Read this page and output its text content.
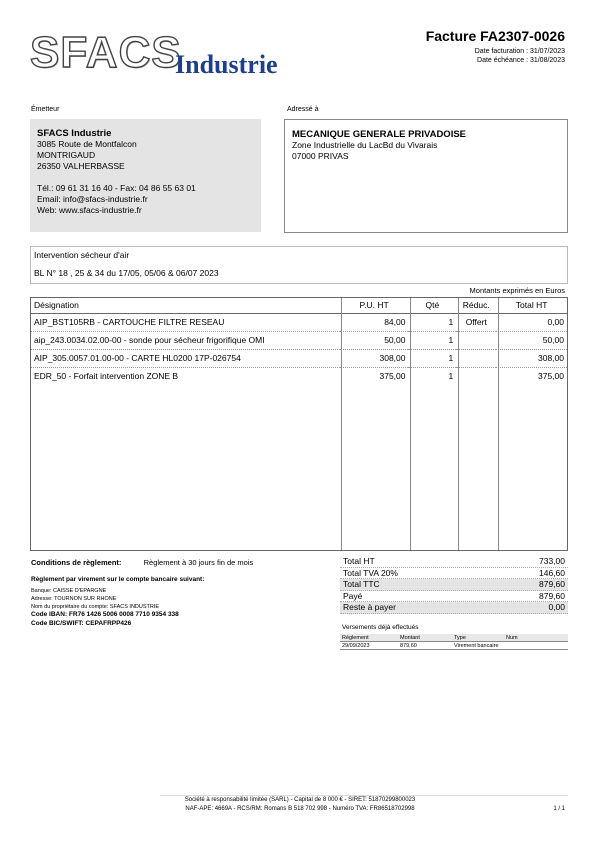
SFACS
Industrie
Facture FA2307-0026
Date facturation : 31/07/2023
Date échéance : 31/08/2023
Émetteur
SFACS Industrie
3085 Route de Montfalcon
MONTRIGAUD
26350 VALHERBASSE
Tél.: 09 61 31 16 40 - Fax: 04 86 55 63 01
Email: info@sfacs-industrie.fr
Web: www.sfacs-industrie.fr
Adressé à
MECANIQUE GENERALE PRIVADOISE
Zone Industrielle du LacBd du Vivarais
07000 PRIVAS
Intervention sécheur d'air
BL N° 18 , 25 & 34 du 17/05, 05/06 & 06/07 2023
Montants exprimés en Euros
Désignation	P.U. HT	Qté	Réduc.	Total HT
AIP_BST105RB - CARTOUCHE FILTRE RESEAU	84,00	1	Offert	0,00
aip_243.0034.02.00-00 - sonde pour sécheur frigorifique OMI	50,00	1		50,00
AIP_305.0057.01.00-00 - CARTE HL0200 17P-026754	308,00	1		308,00
EDR_50 - Forfait intervention ZONE B	375,00	1		375,00
Conditions de règlement:	Règlement à 30 jours fin de mois
Règlement par virement sur le compte bancaire suivant:
Banque: CAISSE D'EPARGNE
Adresse: TOURNON SUR RHONE
Nom du propriétaire du compte: SFACS INDUSTRIE
Code IBAN: FR76 1426 5006 0008 7710 9354 338
Code BIC/SWIFT: CEPAFRPP426
Total HT	733,00
Total TVA 20%	146,60
Total TTC	879,60
Payé	879,60
Reste à payer	0,00
Versements déjà effectués
Règlement	Montant	Type	Num
29/09/2023	879,60	Virement bancaire
Société à responsabilité limitée (SARL) - Capital de 8 000 € - SIRET: 51870299800023
NAF-APE: 4669A - RCS/RM: Romans B 518 702 998 - Numéro TVA: FR86518702998	1 / 1
